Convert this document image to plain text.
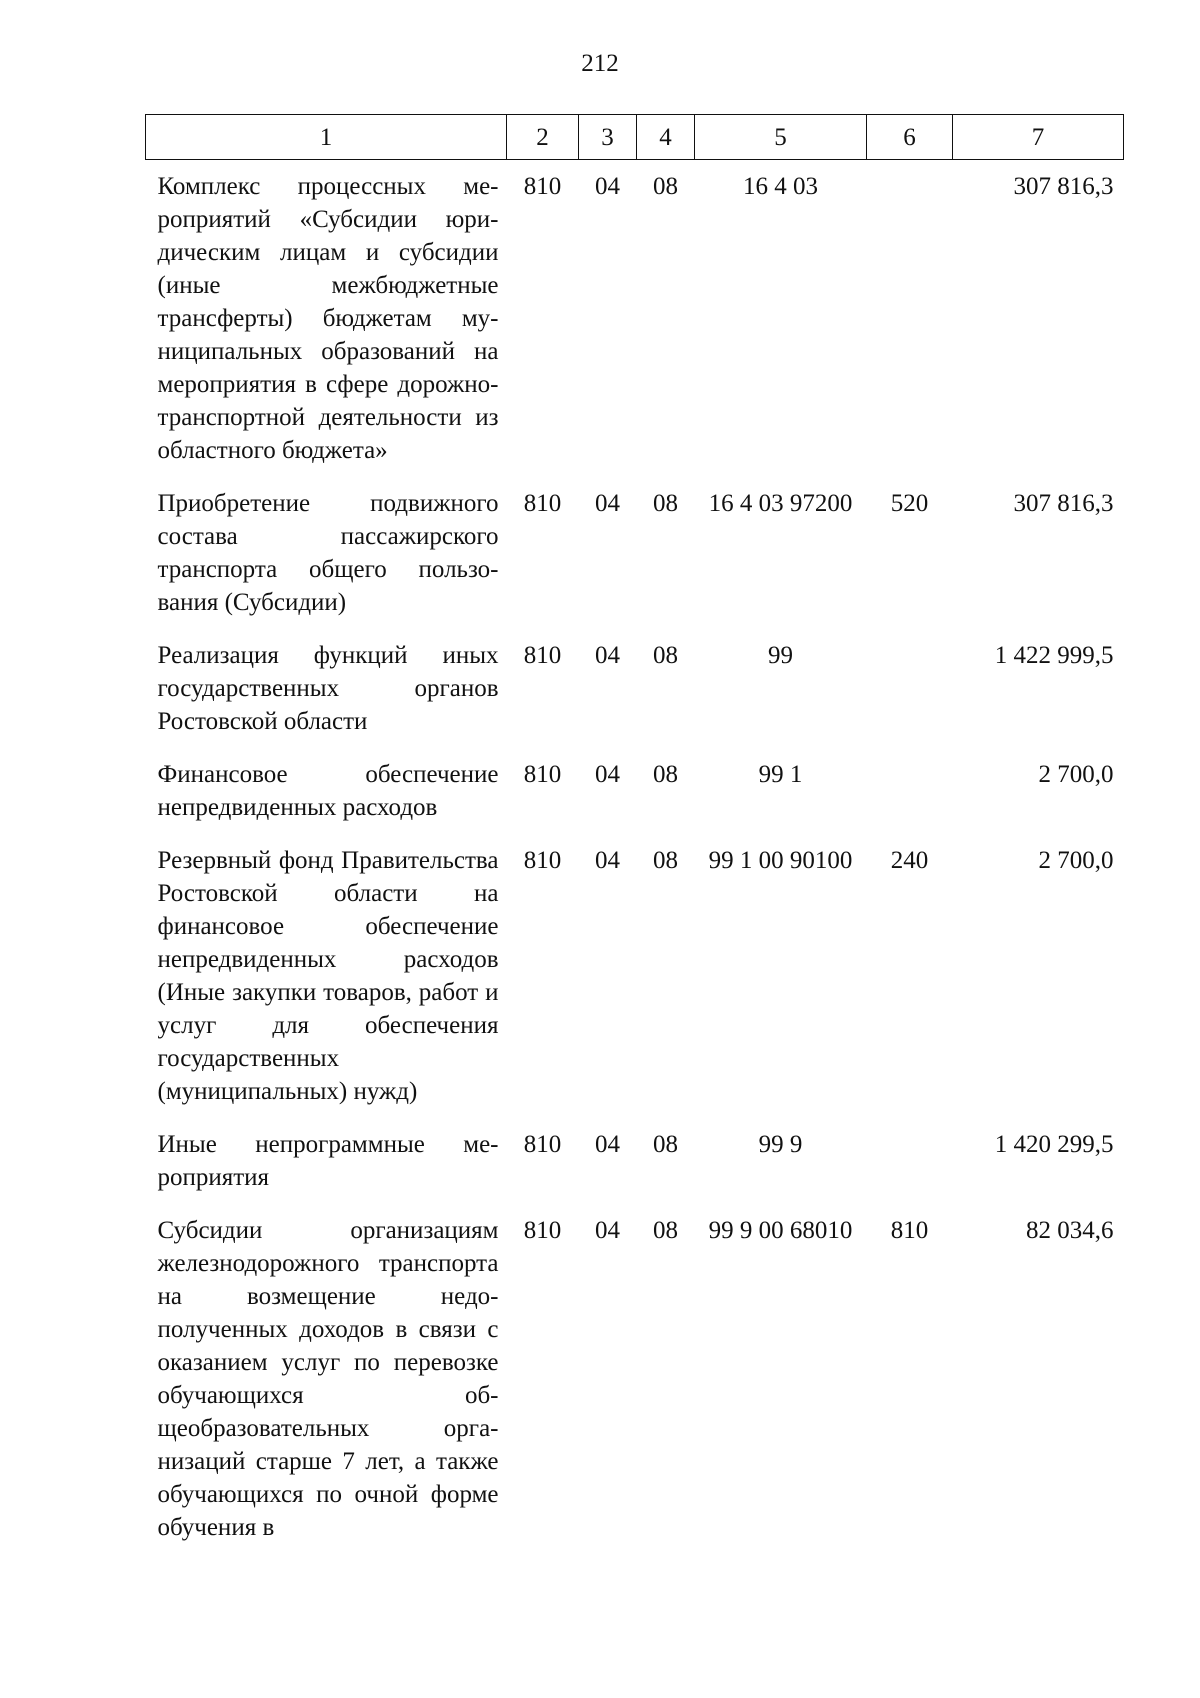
212
1	2	3	4	5	6	7
Комплекс процессных мероприятий «Субсидии юридическим лицам и субсидии (иные межбюджетные трансферты) бюджетам муниципальных образований на мероприятия в сфере дорожно-транспортной деятельности из областного бюджета»	810	04	08	16 4 03		307 816,3
Приобретение подвижного состава пассажирского транспорта общего пользования (Субсидии)	810	04	08	16 4 03 97200	520	307 816,3
Реализация функций иных государственных органов Ростовской области	810	04	08	99		1 422 999,5
Финансовое обеспечение непредвиденных расходов	810	04	08	99 1		2 700,0
Резервный фонд Правительства Ростовской области на финансовое обеспечение непредвиденных расходов (Иные закупки товаров, работ и услуг для обеспечения государственных (муниципальных) нужд)	810	04	08	99 1 00 90100	240	2 700,0
Иные непрограммные мероприятия	810	04	08	99 9		1 420 299,5
Субсидии организациям железнодорожного транспорта на возмещение недополученных доходов в связи с оказанием услуг по перевозке обучающихся общеобразовательных организаций старше 7 лет, а также обучающихся по очной форме обучения в	810	04	08	99 9 00 68010	810	82 034,6
